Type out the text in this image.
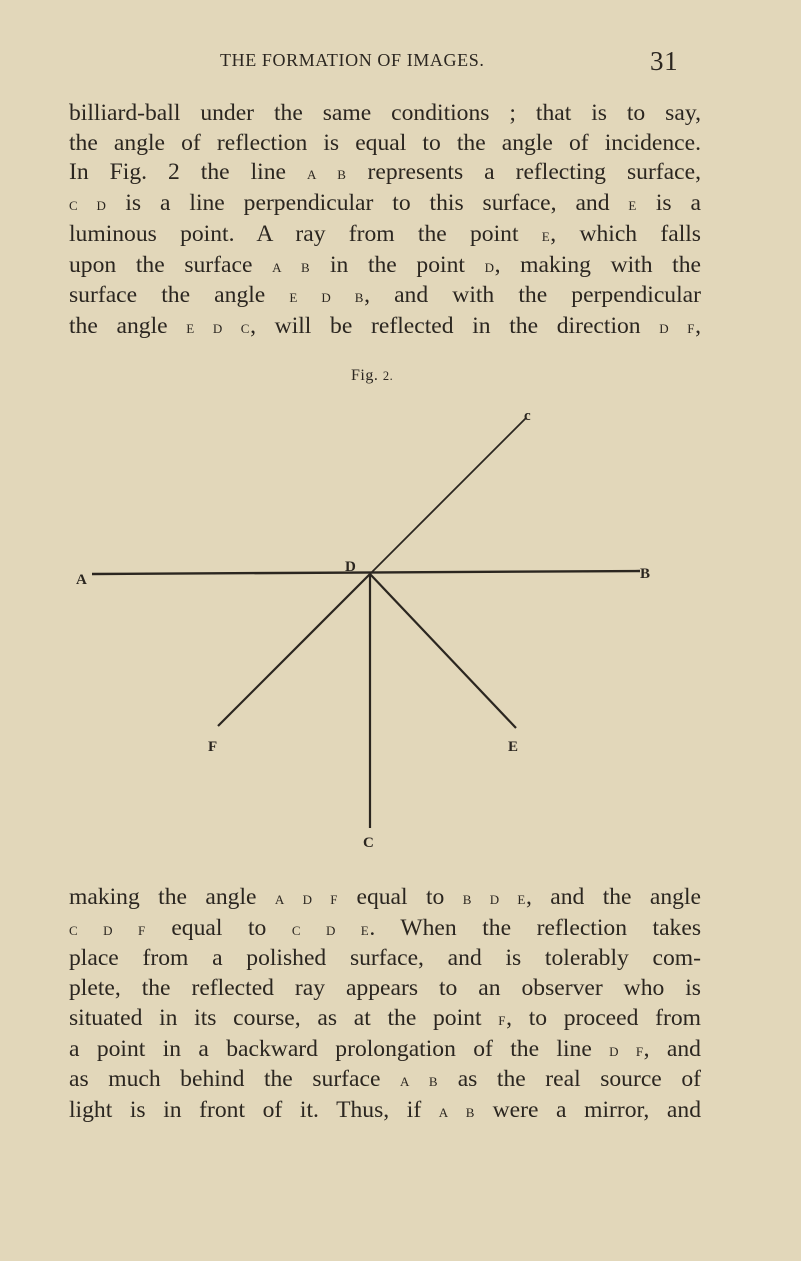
THE FORMATION OF IMAGES.	31

billiard-ball under the same conditions ; that is to say,
the angle of reflection is equal to the angle of incidence.
In Fig. 2 the line a b represents a reflecting surface,
c d is a line perpendicular to this surface, and e is a
luminous point. A ray from the point e, which falls
upon the surface a b in the point d, making with the
surface the angle e d b, and with the perpendicular
the angle e d c, will be reflected in the direction d f,

Fig. 2.
A	B
D
c
C
E
F

making the angle a d f equal to b d e, and the angle
c d f equal to c d e. When the reflection takes
place from a polished surface, and is tolerably com-
plete, the reflected ray appears to an observer who is
situated in its course, as at the point f, to proceed from
a point in a backward prolongation of the line d f, and
as much behind the surface a b as the real source of
light is in front of it. Thus, if a b were a mirror, and
